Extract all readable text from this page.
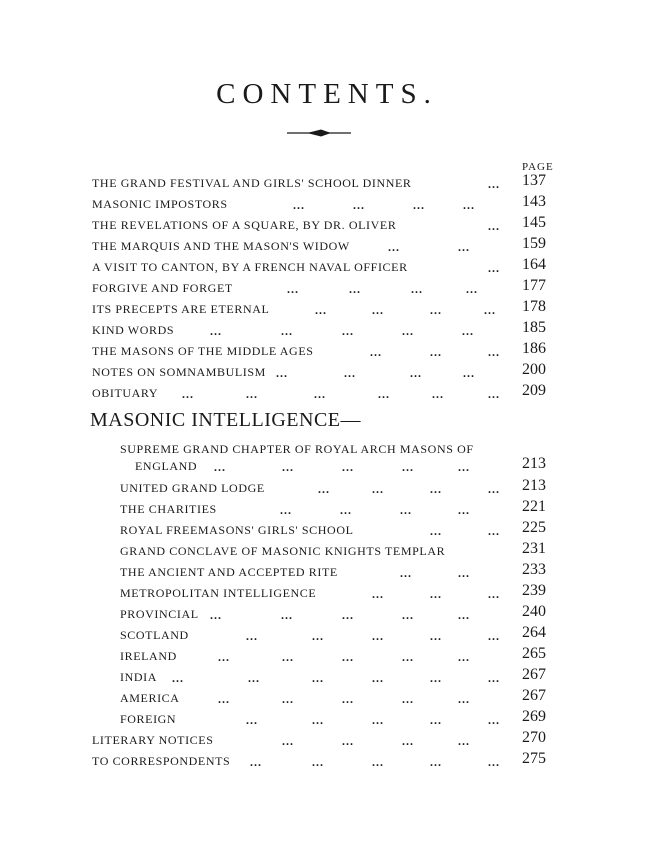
CONTENTS.
PAGE
THE GRAND FESTIVAL AND GIRLS' SCHOOL DINNER	... 137
MASONIC IMPOSTORS	...	...	...	...	143
THE REVELATIONS OF A SQUARE, BY DR. OLIVER	... 145
THE MARQUIS AND THE MASON'S WIDOW	...	...	159
A VISIT TO CANTON, BY A FRENCH NAVAL OFFICER	... 164
FORGIVE AND FORGET	...	...	...	...	177
ITS PRECEPTS ARE ETERNAL	...	...	...	... 178
KIND WORDS	...	...	...	...	...	185
THE MASONS OF THE MIDDLE AGES	...	...	... 186
NOTES ON SOMNAMBULISM ...	...	...	...	200
OBITUARY ...	...	...	...	...	... 209
MASONIC INTELLIGENCE—
SUPREME GRAND CHAPTER OF ROYAL ARCH MASONS OF
ENGLAND ...	...	...	...	...	213
UNITED GRAND LODGE	...	...	...	... 213
THE CHARITIES	...	...	...	...	221
ROYAL FREEMASONS' GIRLS' SCHOOL	...	... 225
GRAND CONCLAVE OF MASONIC KNIGHTS TEMPLAR	231
THE ANCIENT AND ACCEPTED RITE	...	...	233
METROPOLITAN INTELLIGENCE	...	...	... 239
PROVINCIAL ...	...	...	...	...	240
SCOTLAND	...	...	...	...	... 264
IRELAND	...	...	...	...	...	265
INDIA ...	...	...	...	...	... 267
AMERICA	...	...	...	...	...	267
FOREIGN	...	...	...	...	... 269
LITERARY NOTICES	...	...	...	...	270
TO CORRESPONDENTS ...	...	...	...	... 275
